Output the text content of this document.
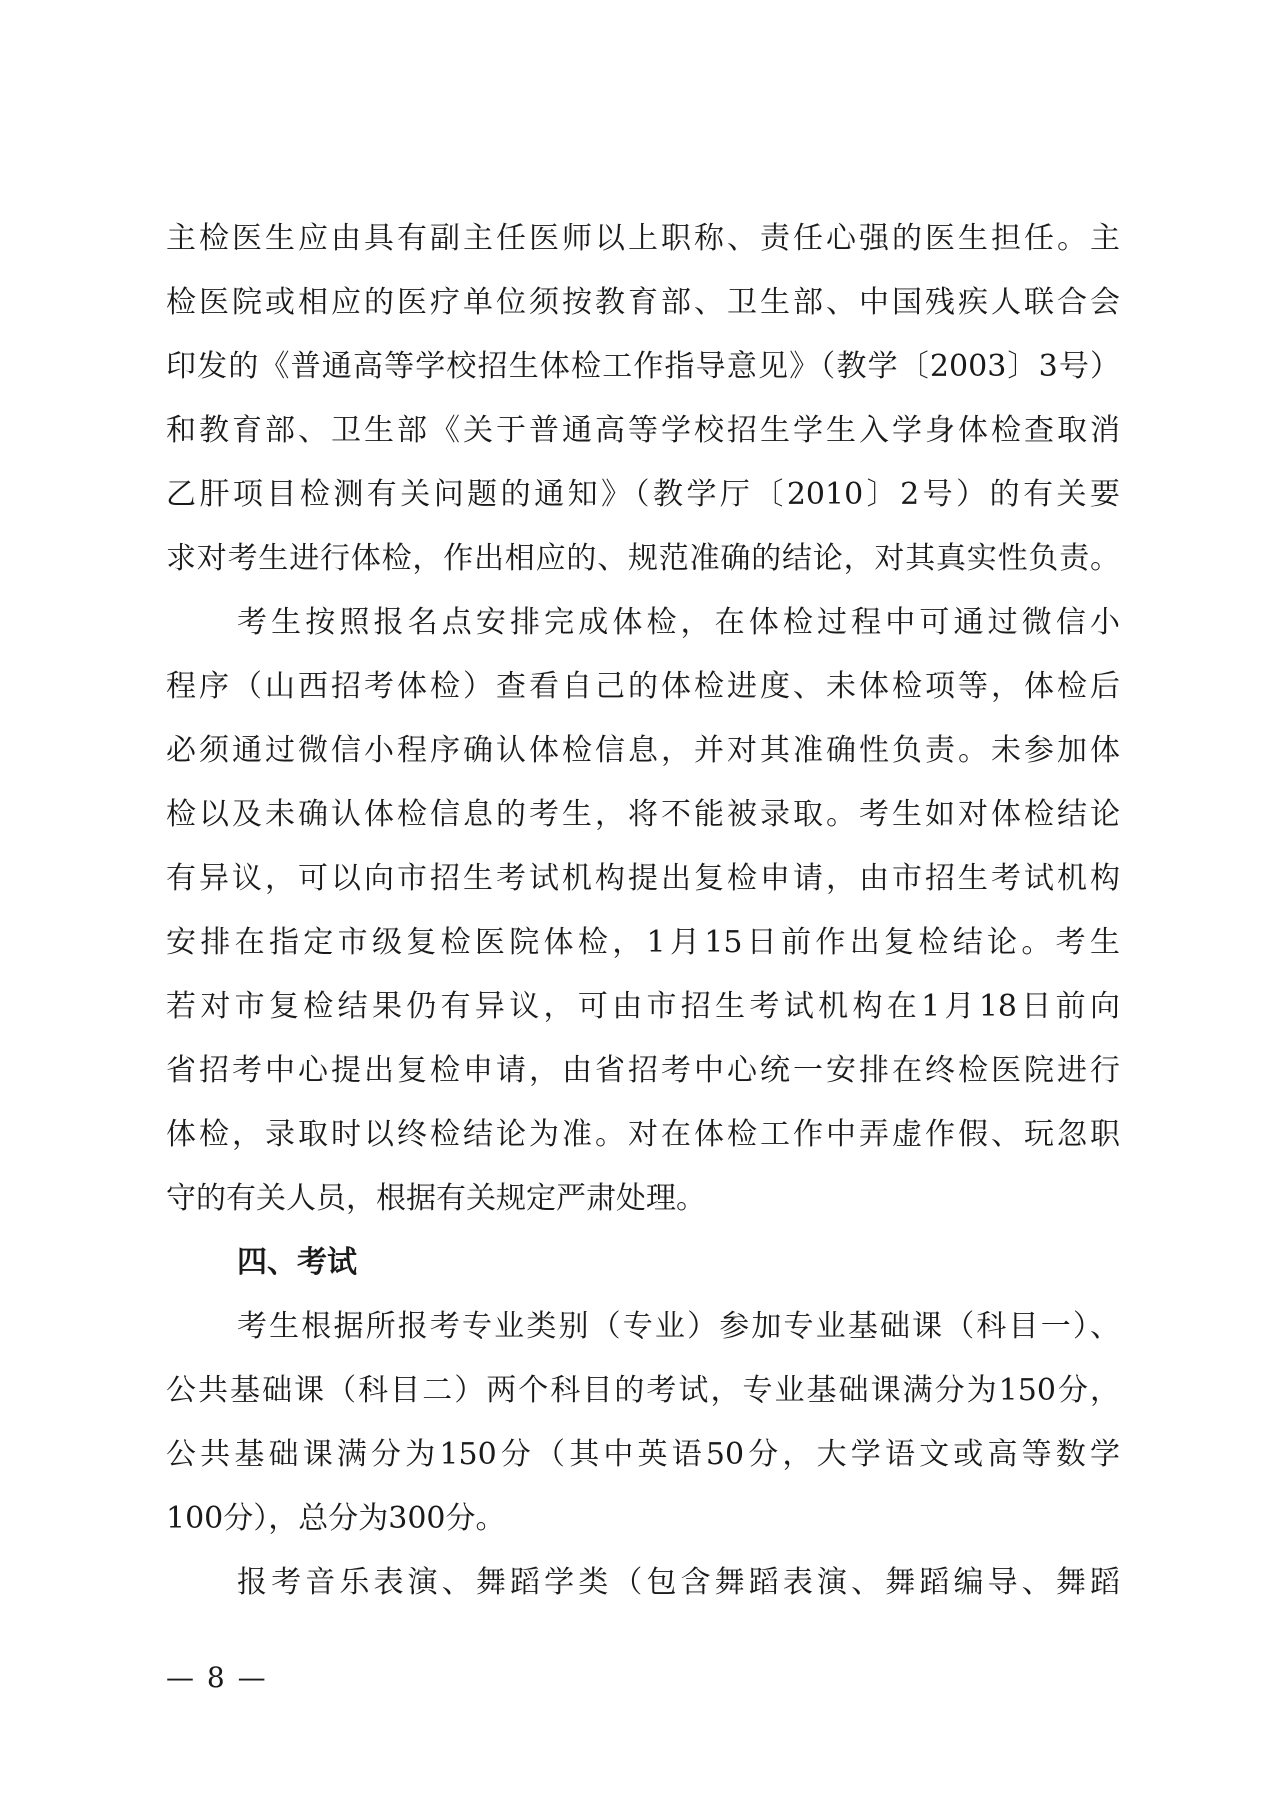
主检医生应由具有副主任医师以上职称、责任心强的医生担任。主
检医院或相应的医疗单位须按教育部、卫生部、中国残疾人联合会
印发的《普通高等学校招生体检工作指导意见》（教学〔2003〕3号）
和教育部、卫生部《关于普通高等学校招生学生入学身体检查取消
乙肝项目检测有关问题的通知》（教学厅〔2010〕2号）的有关要
求对考生进行体检，作出相应的、规范准确的结论，对其真实性负责。
考生按照报名点安排完成体检，在体检过程中可通过微信小
程序（山西招考体检）查看自己的体检进度、未体检项等，体检后
必须通过微信小程序确认体检信息，并对其准确性负责。未参加体
检以及未确认体检信息的考生，将不能被录取。考生如对体检结论
有异议，可以向市招生考试机构提出复检申请，由市招生考试机构
安排在指定市级复检医院体检，1月15日前作出复检结论。考生
若对市复检结果仍有异议，可由市招生考试机构在1月18日前向
省招考中心提出复检申请，由省招考中心统一安排在终检医院进行
体检，录取时以终检结论为准。对在体检工作中弄虚作假、玩忽职
守的有关人员，根据有关规定严肃处理。
四、考试
考生根据所报考专业类别（专业）参加专业基础课（科目一）、
公共基础课（科目二）两个科目的考试，专业基础课满分为150分，
公共基础课满分为150分（其中英语50分，大学语文或高等数学
100分），总分为300分。
报考音乐表演、舞蹈学类（包含舞蹈表演、舞蹈编导、舞蹈
— 8 —
